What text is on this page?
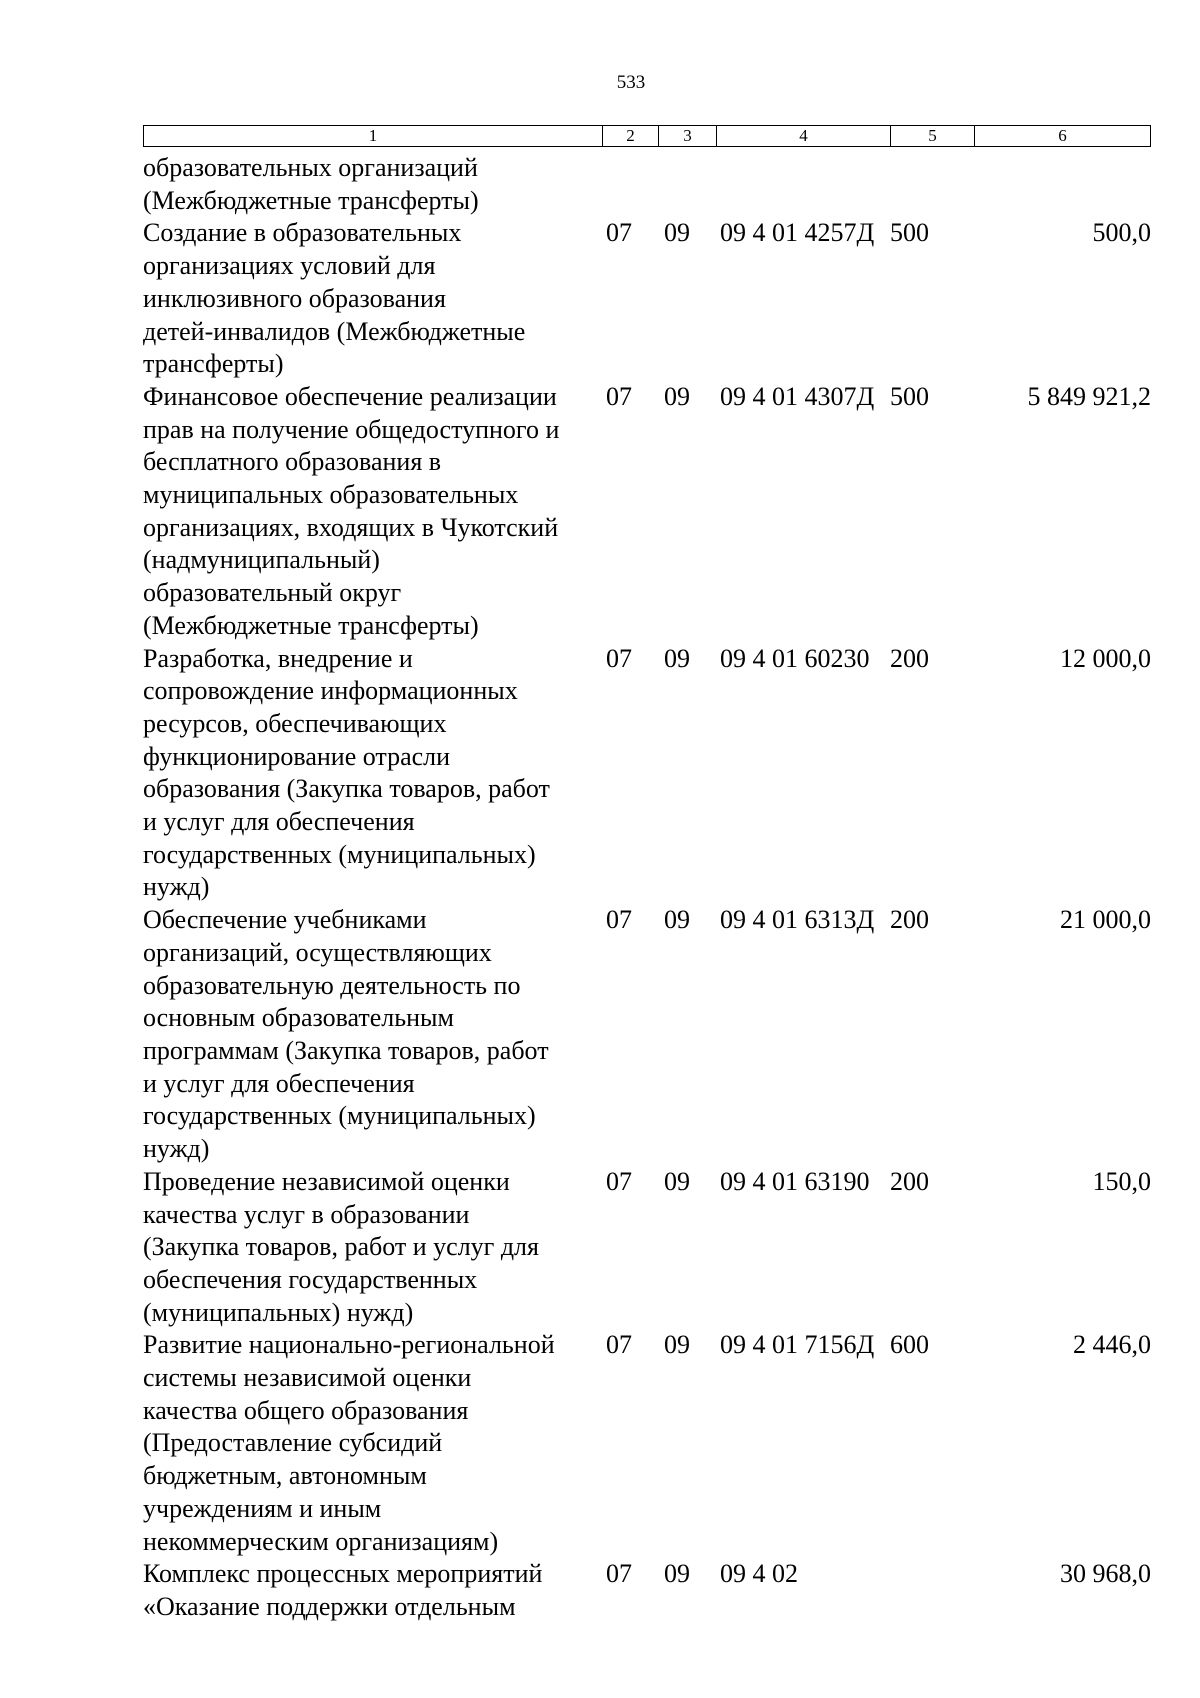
533
1	2	3	4	5	6
образовательных организаций
(Межбюджетные трансферты)
Создание в образовательных
организациях условий для
инклюзивного образования
детей-инвалидов (Межбюджетные
трансферты)
07	09	09 4 01 4257Д 500	500,0
Финансовое обеспечение реализации
прав на получение общедоступного и
бесплатного образования в
муниципальных образовательных
организациях, входящих в Чукотский
(надмуниципальный)
образовательный округ
(Межбюджетные трансферты)
07	09	09 4 01 4307Д 500	5 849 921,2
Разработка, внедрение и
сопровождение информационных
ресурсов, обеспечивающих
функционирование отрасли
образования (Закупка товаров, работ
и услуг для обеспечения
государственных (муниципальных)
нужд)
07	09	09 4 01 60230 200	12 000,0
Обеспечение учебниками
организаций, осуществляющих
образовательную деятельность по
основным образовательным
программам (Закупка товаров, работ
и услуг для обеспечения
государственных (муниципальных)
нужд)
07	09	09 4 01 6313Д 200	21 000,0
Проведение независимой оценки
качества услуг в образовании
(Закупка товаров, работ и услуг для
обеспечения государственных
(муниципальных) нужд)
07	09	09 4 01 63190 200	150,0
Развитие национально-региональной
системы независимой оценки
качества общего образования
(Предоставление субсидий
бюджетным, автономным
учреждениям и иным
некоммерческим организациям)
07	09	09 4 01 7156Д 600	2 446,0
Комплекс процессных мероприятий
«Оказание поддержки отдельным
07	09	09 4 02	30 968,0
